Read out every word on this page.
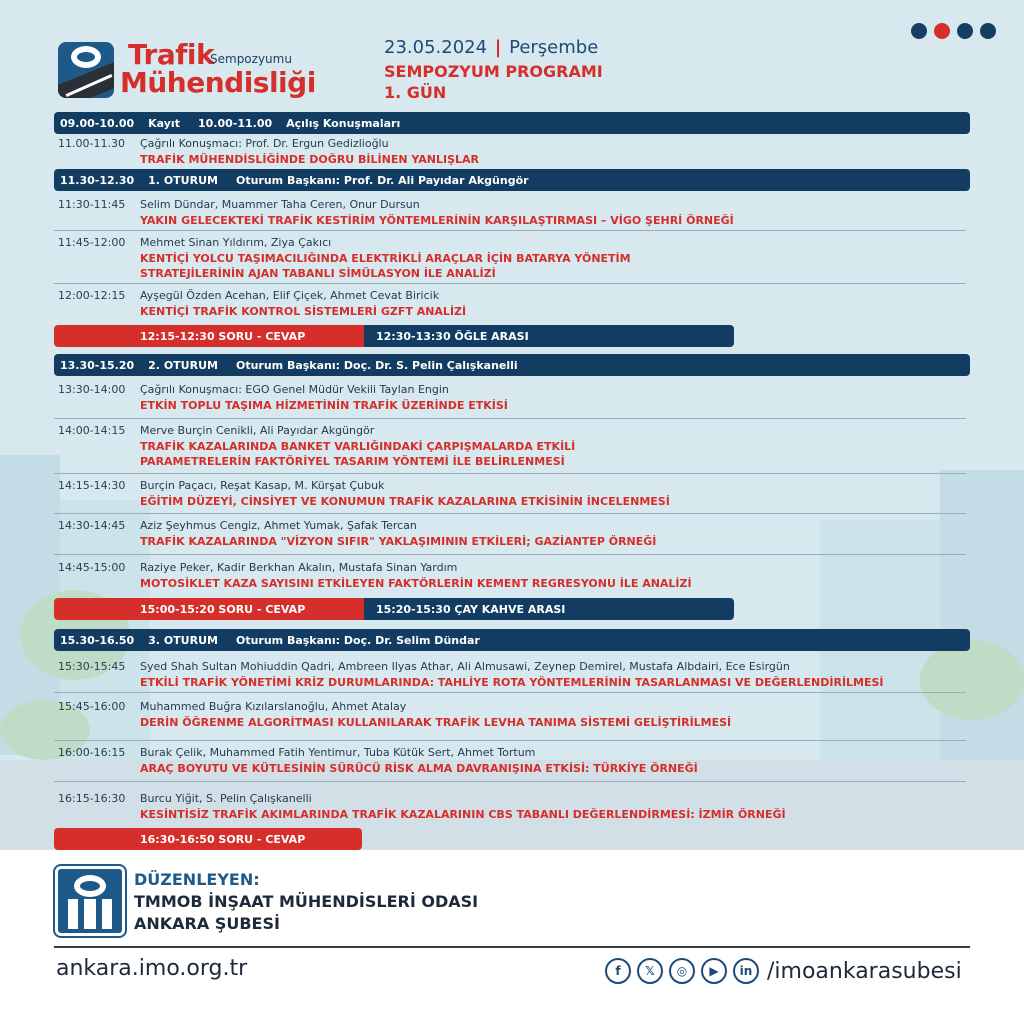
Trafik
Sempozyumu
Mühendisliği
23.05.2024 | Perşembe
SEMPOZYUM PROGRAMI
1. GÜN
09.00-10.00 Kayıt 10.00-11.00 Açılış Konuşmaları
11.00-11.30 Çağrılı Konuşmacı: Prof. Dr. Ergun Gedizlioğlu
TRAFİK MÜHENDİSLİĞİNDE DOĞRU BİLİNEN YANLIŞLAR
11.30-12.30 1. OTURUM Oturum Başkanı: Prof. Dr. Ali Payıdar Akgüngör
11:30-11:45 Selim Dündar, Muammer Taha Ceren, Onur Dursun
YAKIN GELECEKTEKİ TRAFİK KESTİRİM YÖNTEMLERİNİN KARŞILAŞTIRMASI – VİGO ŞEHRİ ÖRNEĞİ
11:45-12:00 Mehmet Sinan Yıldırım, Ziya Çakıcı
KENTİÇİ YOLCU TAŞIMACILIĞINDA ELEKTRİKLİ ARAÇLAR İÇİN BATARYA YÖNETİM STRATEJİLERİNİN AJAN TABANLI SİMÜLASYON İLE ANALİZİ
12:00-12:15 Ayşegül Özden Acehan, Elif Çiçek, Ahmet Cevat Biricik
KENTİÇİ TRAFİK KONTROL SİSTEMLERİ GZFT ANALİZİ
12:15-12:30 SORU - CEVAP	12:30-13:30 ÖĞLE ARASI
13.30-15.20 2. OTURUM Oturum Başkanı: Doç. Dr. S. Pelin Çalışkanelli
13:30-14:00 Çağrılı Konuşmacı: EGO Genel Müdür Vekili Taylan Engin
ETKİN TOPLU TAŞIMA HİZMETİNİN TRAFİK ÜZERİNDE ETKİSİ
14:00-14:15 Merve Burçin Cenikli, Ali Payıdar Akgüngör
TRAFİK KAZALARINDA BANKET VARLIĞINDAKİ ÇARPIŞMALARDA ETKİLİ PARAMETRELERİN FAKTÖRİYEL TASARIM YÖNTEMİ İLE BELİRLENMESİ
14:15-14:30 Burçin Paçacı, Reşat Kasap, M. Kürşat Çubuk
EĞİTİM DÜZEYİ, CİNSİYET VE KONUMUN TRAFİK KAZALARINA ETKİSİNİN İNCELENMESİ
14:30-14:45 Aziz Şeyhmus Cengiz, Ahmet Yumak, Şafak Tercan
TRAFİK KAZALARINDA "VİZYON SIFIR" YAKLAŞIMININ ETKİLERİ; GAZİANTEP ÖRNEĞİ
14:45-15:00 Raziye Peker, Kadir Berkhan Akalın, Mustafa Sinan Yardım
MOTOSİKLET KAZA SAYISINI ETKİLEYEN FAKTÖRLERİN KEMENT REGRESYONU İLE ANALİZİ
15:00-15:20 SORU - CEVAP	15:20-15:30 ÇAY KAHVE ARASI
15.30-16.50 3. OTURUM Oturum Başkanı: Doç. Dr. Selim Dündar
15:30-15:45 Syed Shah Sultan Mohiuddin Qadri, Ambreen Ilyas Athar, Ali Almusawi, Zeynep Demirel, Mustafa Albdairi, Ece Esirgün
ETKİLİ TRAFİK YÖNETİMİ KRİZ DURUMLARINDA: TAHLİYE ROTA YÖNTEMLERİNİN TASARLANMASI VE DEĞERLENDİRİLMESİ
15:45-16:00 Muhammed Buğra Kızılarslanoğlu, Ahmet Atalay
DERİN ÖĞRENME ALGORİTMASI KULLANILARAK TRAFİK LEVHA TANIMA SİSTEMİ GELİŞTİRİLMESİ
16:00-16:15 Burak Çelik, Muhammed Fatih Yentimur, Tuba Kütük Sert, Ahmet Tortum
ARAÇ BOYUTU VE KÜTLESİNİN SÜRÜCÜ RİSK ALMA DAVRANIŞINA ETKİSİ: TÜRKİYE ÖRNEĞİ
16:15-16:30 Burcu Yiğit, S. Pelin Çalışkanelli
KESİNTİSİZ TRAFİK AKIMLARINDA TRAFİK KAZALARININ CBS TABANLI DEĞERLENDİRMESİ: İZMİR ÖRNEĞİ
16:30-16:50 SORU - CEVAP
DÜZENLEYEN:
TMMOB İNŞAAT MÜHENDİSLERİ ODASI
ANKARA ŞUBESİ
ankara.imo.org.tr	f	𝕏	◎	▶	in /imoankarasubesi
